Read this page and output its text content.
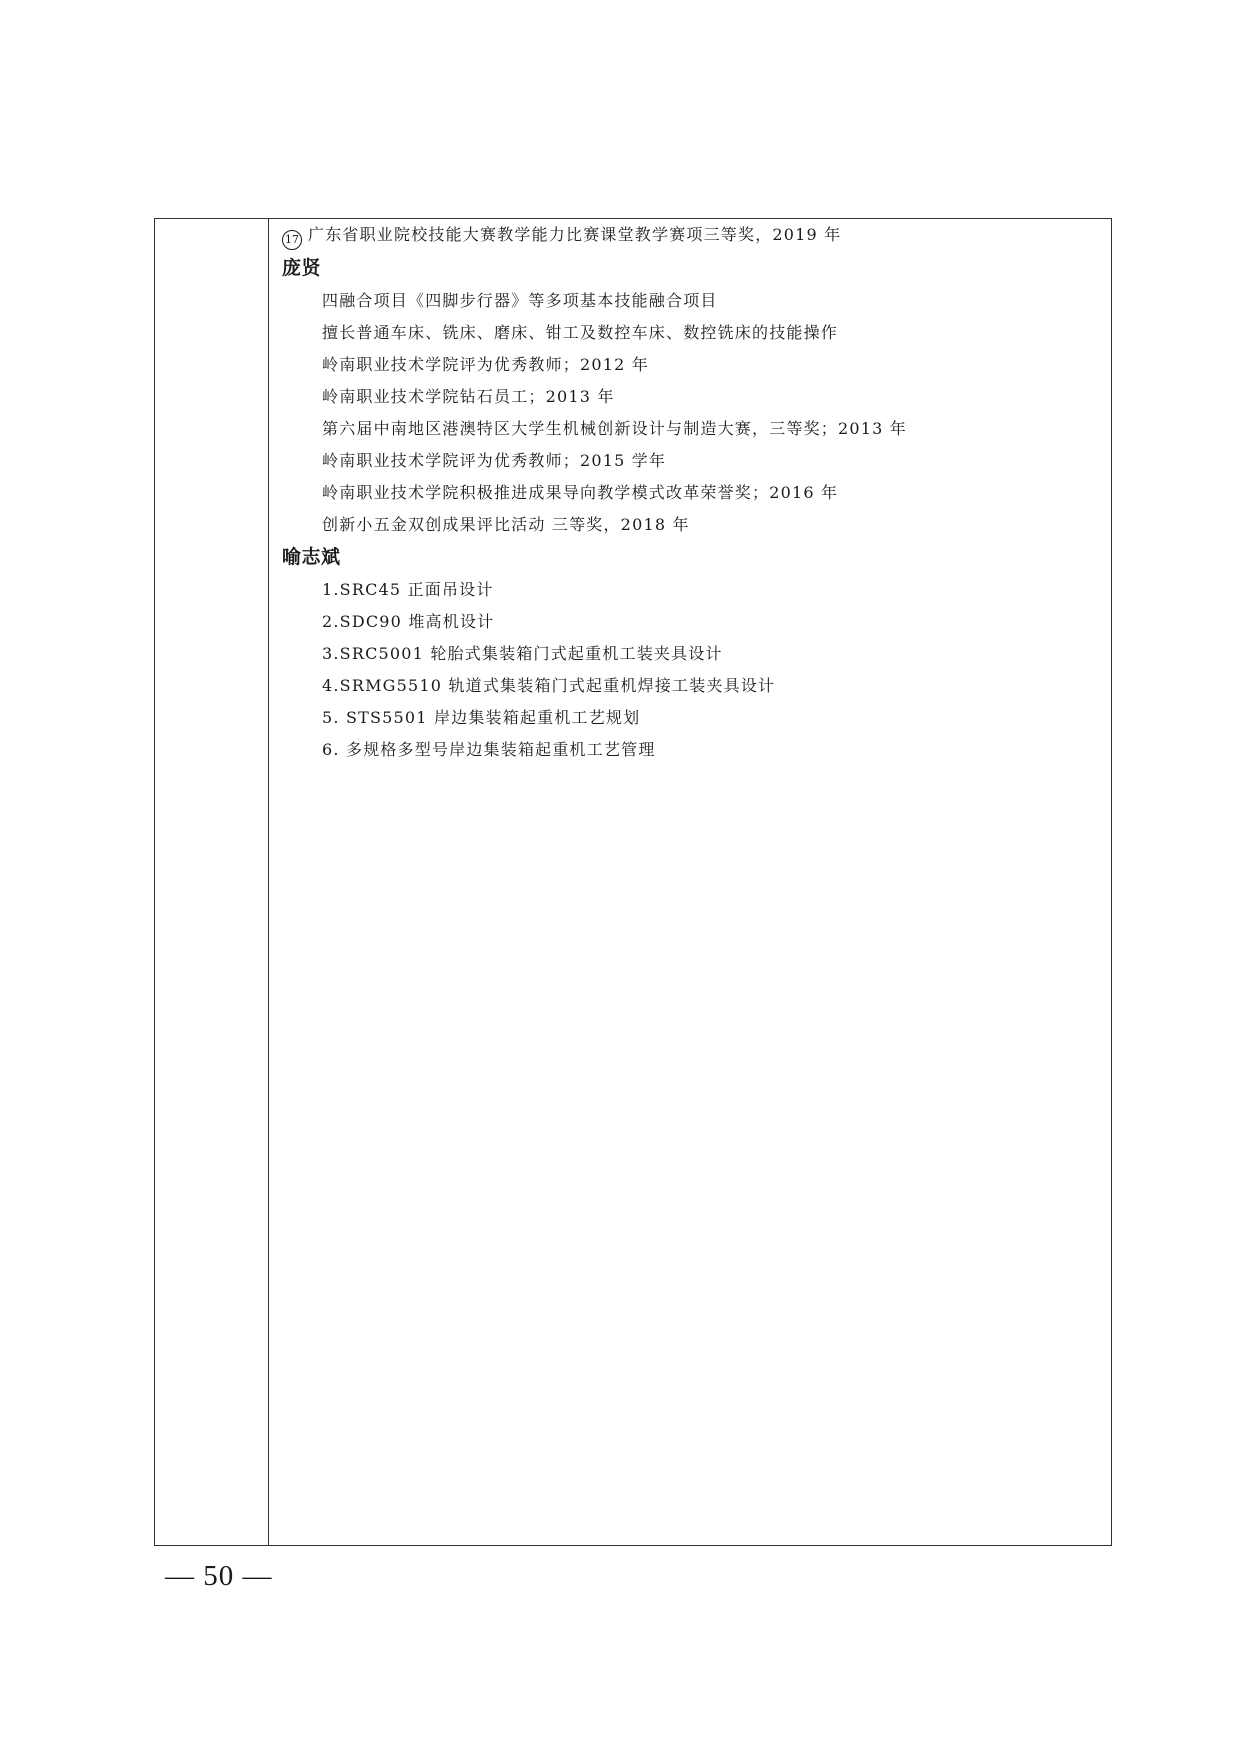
17 广东省职业院校技能大赛教学能力比赛课堂教学赛项三等奖，2019 年
庞贤
四融合项目《四脚步行器》等多项基本技能融合项目
擅长普通车床、铣床、磨床、钳工及数控车床、数控铣床的技能操作
岭南职业技术学院评为优秀教师；2012 年
岭南职业技术学院钻石员工；2013 年
第六届中南地区港澳特区大学生机械创新设计与制造大赛，三等奖；2013 年
岭南职业技术学院评为优秀教师；2015 学年
岭南职业技术学院积极推进成果导向教学模式改革荣誉奖；2016 年
创新小五金双创成果评比活动 三等奖，2018 年
喻志斌
1.SRC45 正面吊设计
2.SDC90 堆高机设计
3.SRC5001 轮胎式集装箱门式起重机工装夹具设计
4.SRMG5510 轨道式集装箱门式起重机焊接工装夹具设计
5. STS5501 岸边集装箱起重机工艺规划
6. 多规格多型号岸边集装箱起重机工艺管理
— 50 —
